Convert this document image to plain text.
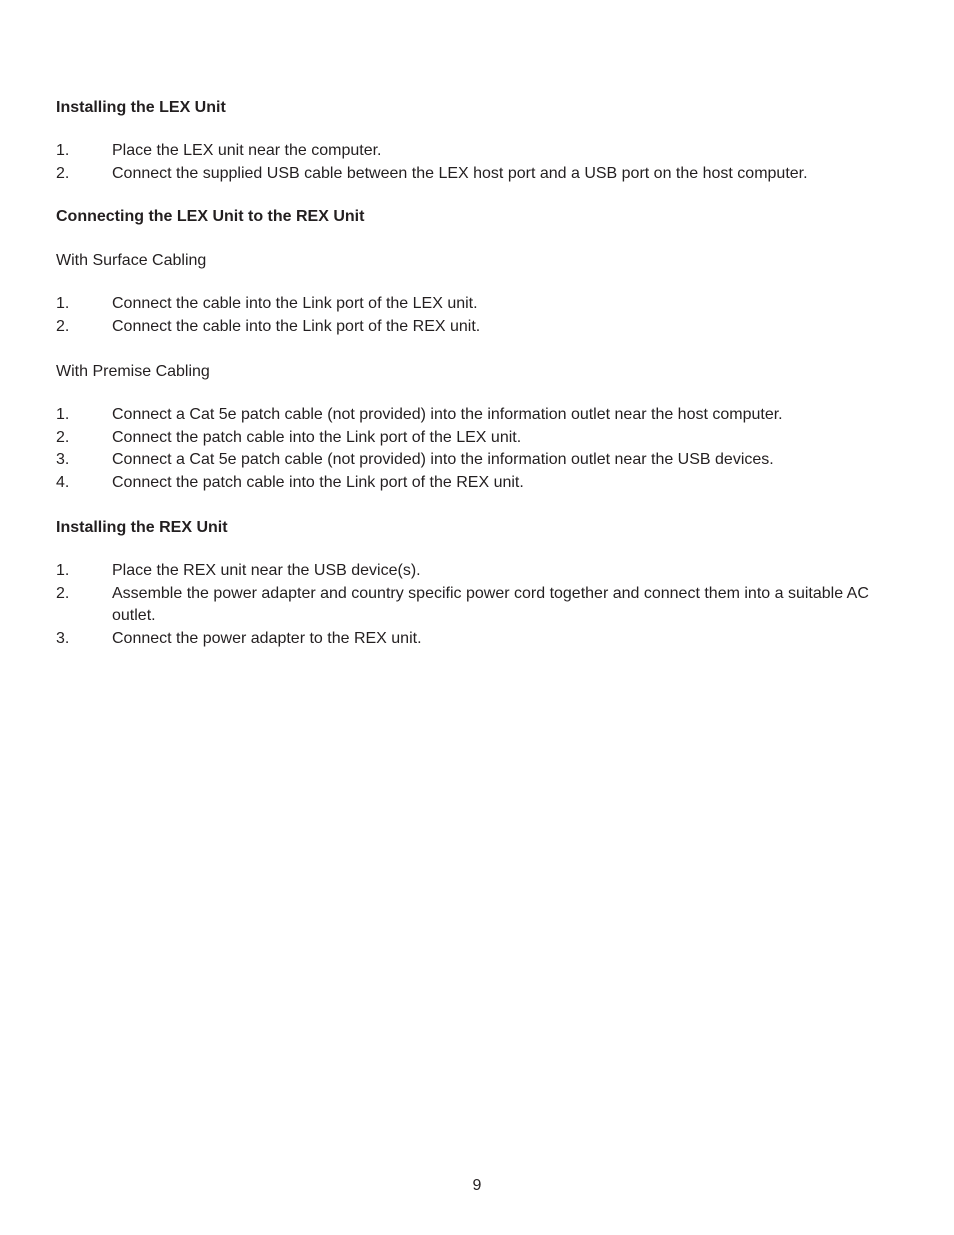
Installing the LEX Unit
1.	Place the LEX unit near the computer.
2.	Connect the supplied USB cable between the LEX host port and a USB port on the host computer.
Connecting the LEX Unit to the REX Unit

With Surface Cabling

1.	Connect the cable into the Link port of the LEX unit.
2.	Connect the cable into the Link port of the REX unit.

With Premise Cabling

1.	Connect a Cat 5e patch cable (not provided) into the information outlet near the host computer.
2.	Connect the patch cable into the Link port of the LEX unit.
3.	Connect a Cat 5e patch cable (not provided) into the information outlet near the USB devices.
4.	Connect the patch cable into the Link port of the REX unit.
Installing the REX Unit
1.	Place the REX unit near the USB device(s).
2.	Assemble the power adapter and country specific power cord together and connect them into a suitable AC outlet.
3.	Connect the power adapter to the REX unit.
9
